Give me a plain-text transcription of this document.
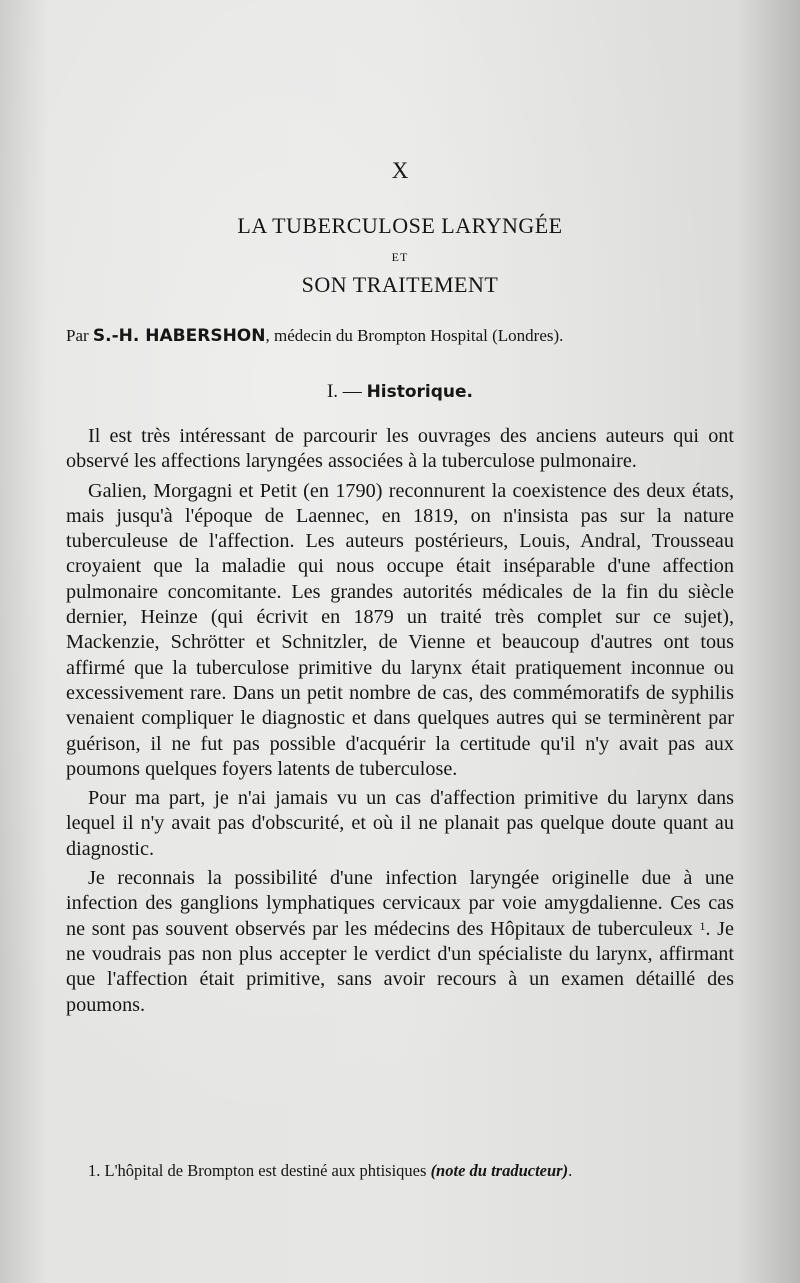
X
LA TUBERCULOSE LARYNGÉE
ET
SON TRAITEMENT
Par S.-H. HABERSHON, médecin du Brompton Hospital (Londres).
I. — Historique.

Il est très intéressant de parcourir les ouvrages des anciens auteurs qui ont observé les affections laryngées associées à la tuberculose pulmonaire.

Galien, Morgagni et Petit (en 1790) reconnurent la coexistence des deux états, mais jusqu'à l'époque de Laennec, en 1819, on n'insista pas sur la nature tuberculeuse de l'affection. Les auteurs postérieurs, Louis, Andral, Trousseau croyaient que la maladie qui nous occupe était inséparable d'une affection pulmonaire concomitante. Les grandes autorités médicales de la fin du siècle dernier, Heinze (qui écrivit en 1879 un traité très complet sur ce sujet), Mackenzie, Schrötter et Schnitzler, de Vienne et beaucoup d'autres ont tous affirmé que la tuberculose primitive du larynx était pratiquement inconnue ou excessivement rare. Dans un petit nombre de cas, des commémoratifs de syphilis venaient compliquer le diagnostic et dans quelques autres qui se terminèrent par guérison, il ne fut pas possible d'acquérir la certitude qu'il n'y avait pas aux poumons quelques foyers latents de tuberculose.

Pour ma part, je n'ai jamais vu un cas d'affection primitive du larynx dans lequel il n'y avait pas d'obscurité, et où il ne planait pas quelque doute quant au diagnostic.

Je reconnais la possibilité d'une infection laryngée originelle due à une infection des ganglions lymphatiques cervicaux par voie amygdalienne. Ces cas ne sont pas souvent observés par les médecins des Hôpitaux de tuberculeux $^1$. Je ne voudrais pas non plus accepter le verdict d'un spécialiste du larynx, affirmant que l'affection était primitive, sans avoir recours à un examen détaillé des poumons.

1. L'hôpital de Brompton est destiné aux phtisiques (note du traducteur).
